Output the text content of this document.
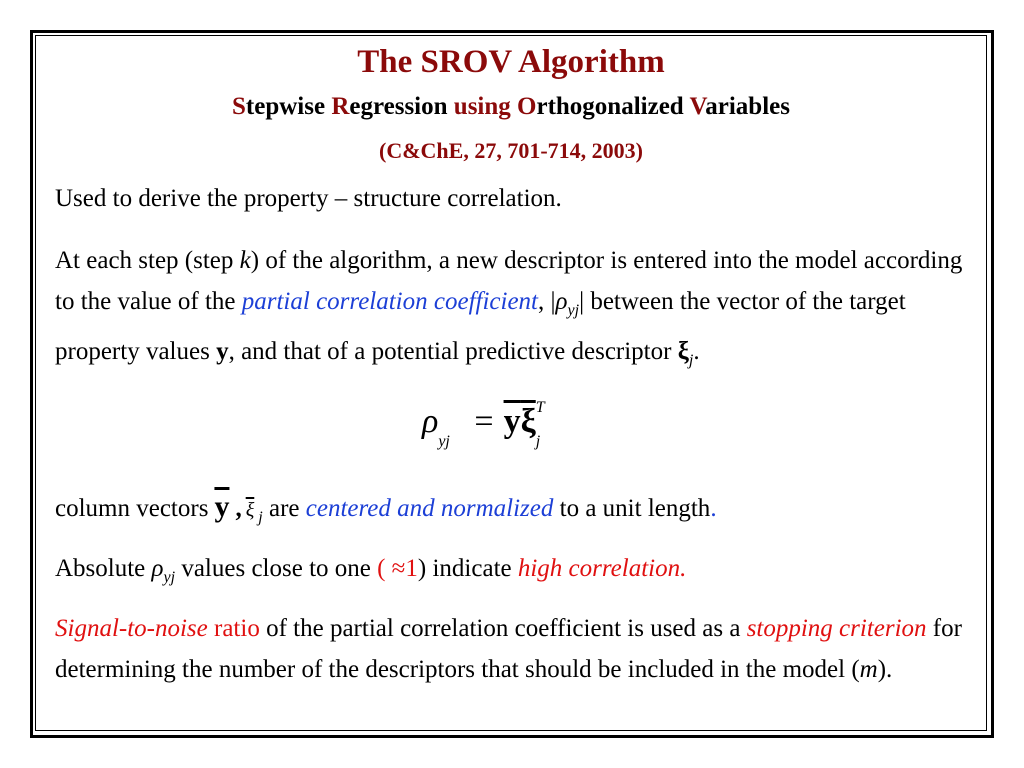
The SROV Algorithm
Stepwise Regression using Orthogonalized Variables
(C&ChE, 27, 701-714, 2003)
Used to derive the property – structure correlation.
At each step (step k) of the algorithm, a new descriptor is entered into the model according to the value of the partial correlation coefficient, $|\rho_{yj}|$ between the vector of the target property values y, and that of a potential predictive descriptor $\xi_j$.
$\rho_{yj} = \overline{y}\overline{\xi}$ T
$_j$
column vectors $\overline{y}$ , $\overline{\xi}$ $_j$ are centered and normalized to a unit length.
Absolute $\rho_{yj}$ values close to one ( ≈1) indicate high correlation.
Signal-to-noise ratio of the partial correlation coefficient is used as a stopping criterion for determining the number of the descriptors that should be included in the model (m).
